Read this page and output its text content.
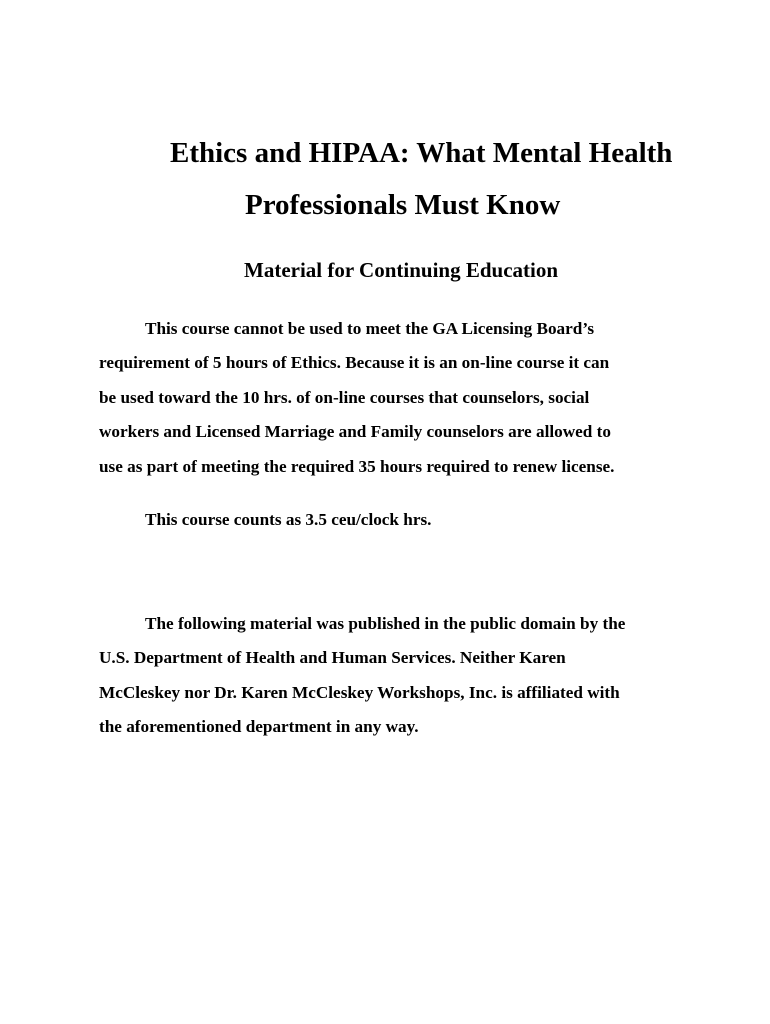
Ethics and HIPAA: What Mental Health
Professionals Must Know
Material for Continuing Education

This course cannot be used to meet the GA Licensing Board’s
requirement of 5 hours of Ethics. Because it is an on-line course it can
be used toward the 10 hrs. of on-line courses that counselors, social
workers and Licensed Marriage and Family counselors are allowed to
use as part of meeting the required 35 hours required to renew license.

This course counts as 3.5 ceu/clock hrs.

The following material was published in the public domain by the
U.S. Department of Health and Human Services. Neither Karen
McCleskey nor Dr. Karen McCleskey Workshops, Inc. is affiliated with
the aforementioned department in any way.
